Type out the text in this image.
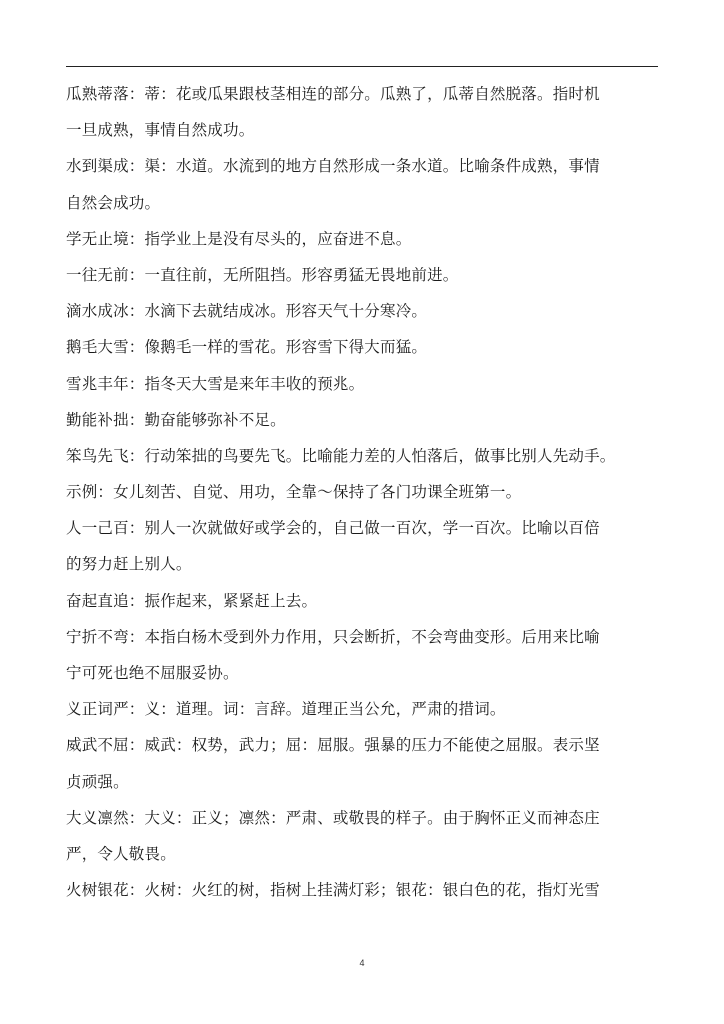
瓜熟蒂落：蒂：花或瓜果跟枝茎相连的部分。瓜熟了，瓜蒂自然脱落。指时机
一旦成熟，事情自然成功。
水到渠成：渠：水道。水流到的地方自然形成一条水道。比喻条件成熟，事情
自然会成功。
学无止境：指学业上是没有尽头的，应奋进不息。
一往无前：一直往前，无所阻挡。形容勇猛无畏地前进。
滴水成冰：水滴下去就结成冰。形容天气十分寒冷。
鹅毛大雪：像鹅毛一样的雪花。形容雪下得大而猛。
雪兆丰年：指冬天大雪是来年丰收的预兆。
勤能补拙：勤奋能够弥补不足。
笨鸟先飞：行动笨拙的鸟要先飞。比喻能力差的人怕落后，做事比别人先动手。
示例：女儿刻苦、自觉、用功，全靠～保持了各门功课全班第一。
人一己百：别人一次就做好或学会的，自己做一百次，学一百次。比喻以百倍
的努力赶上别人。
奋起直追：振作起来，紧紧赶上去。
宁折不弯：本指白杨木受到外力作用，只会断折，不会弯曲变形。后用来比喻
宁可死也绝不屈服妥协。
义正词严：义：道理。词：言辞。道理正当公允，严肃的措词。
威武不屈：威武：权势，武力；屈：屈服。强暴的压力不能使之屈服。表示坚
贞顽强。
大义凛然：大义：正义；凛然：严肃、或敬畏的样子。由于胸怀正义而神态庄
严，令人敬畏。
火树银花：火树：火红的树，指树上挂满灯彩；银花：银白色的花，指灯光雪
4
